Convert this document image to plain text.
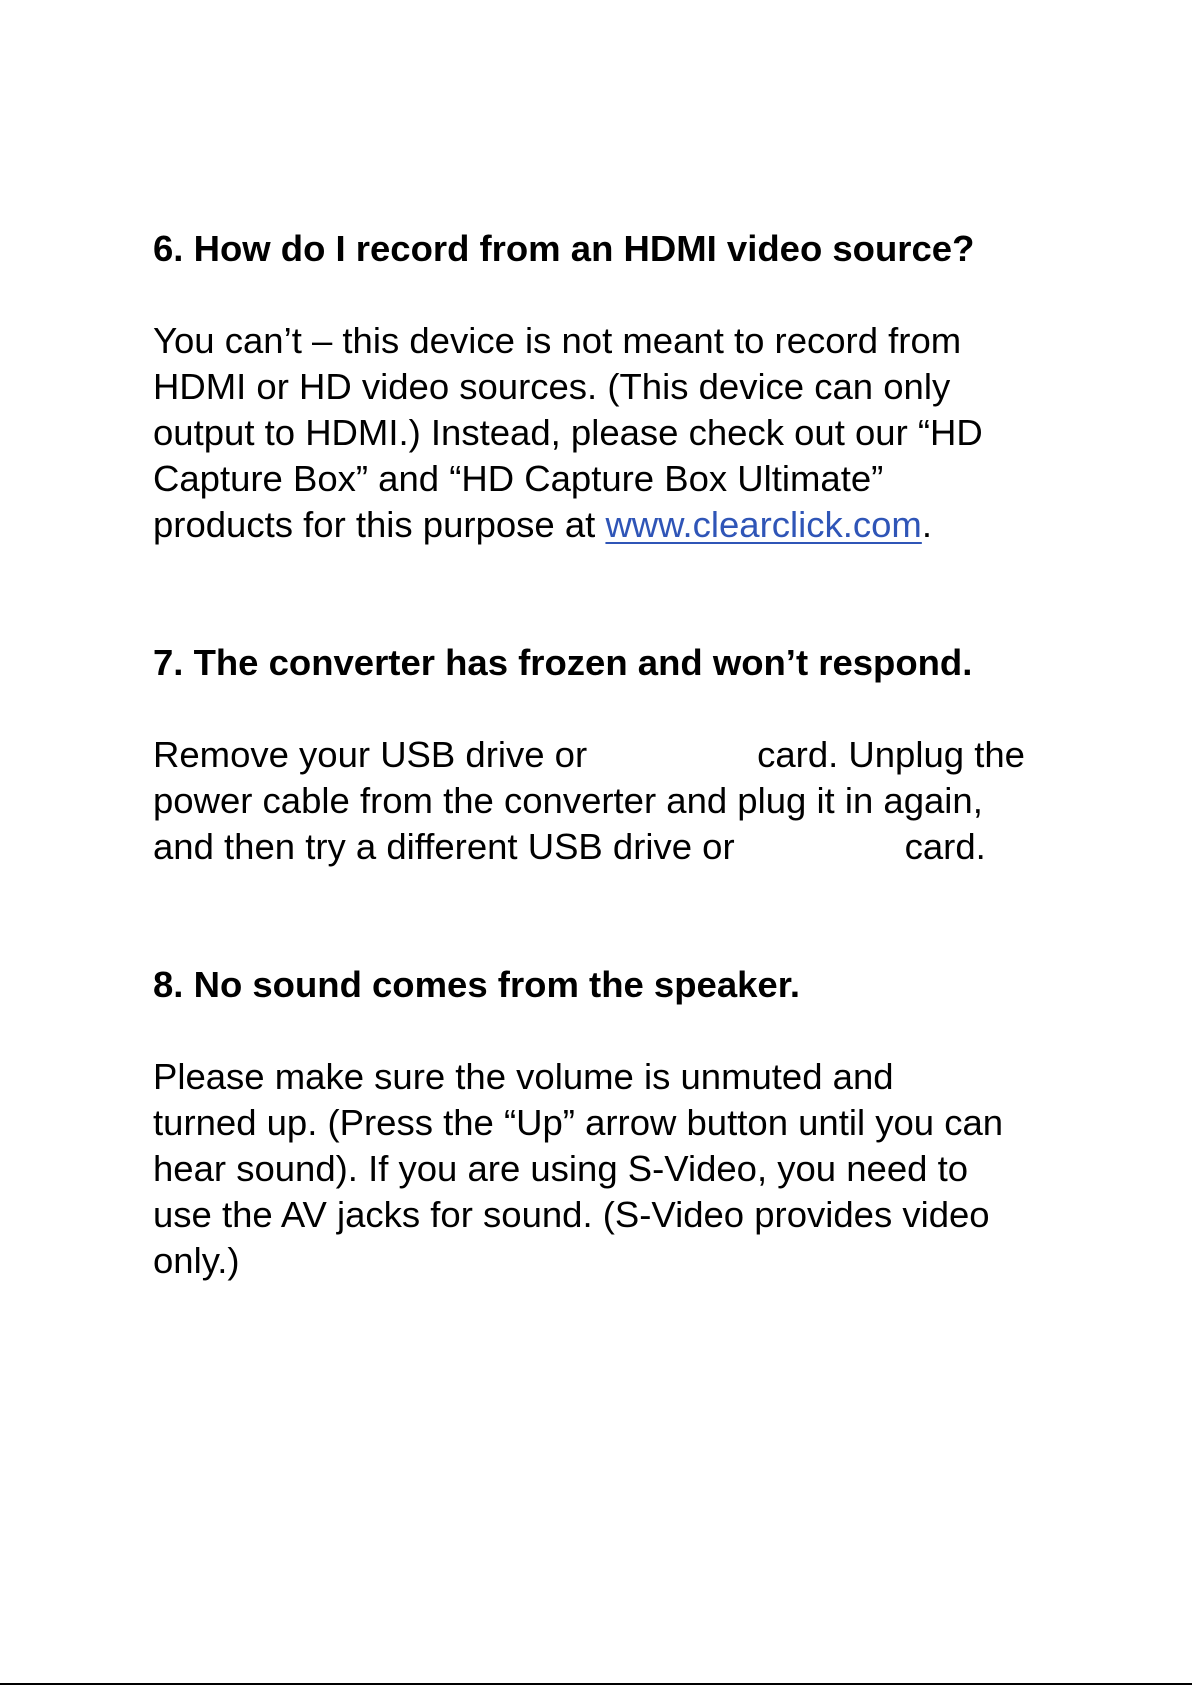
6. How do I record from an HDMI video source?

You can’t – this device is not meant to record from
HDMI or HD video sources. (This device can only
output to HDMI.) Instead, please check out our “HD
Capture Box” and “HD Capture Box Ultimate”
products for this purpose at www.clearclick.com.

7. The converter has frozen and won’t respond.

Remove your USB drive or	card. Unplug the
power cable from the converter and plug it in again,
and then try a different USB drive or	card.

8. No sound comes from the speaker.

Please make sure the volume is unmuted and
turned up. (Press the “Up” arrow button until you can
hear sound). If you are using S-Video, you need to
use the AV jacks for sound. (S-Video provides video
only.)
